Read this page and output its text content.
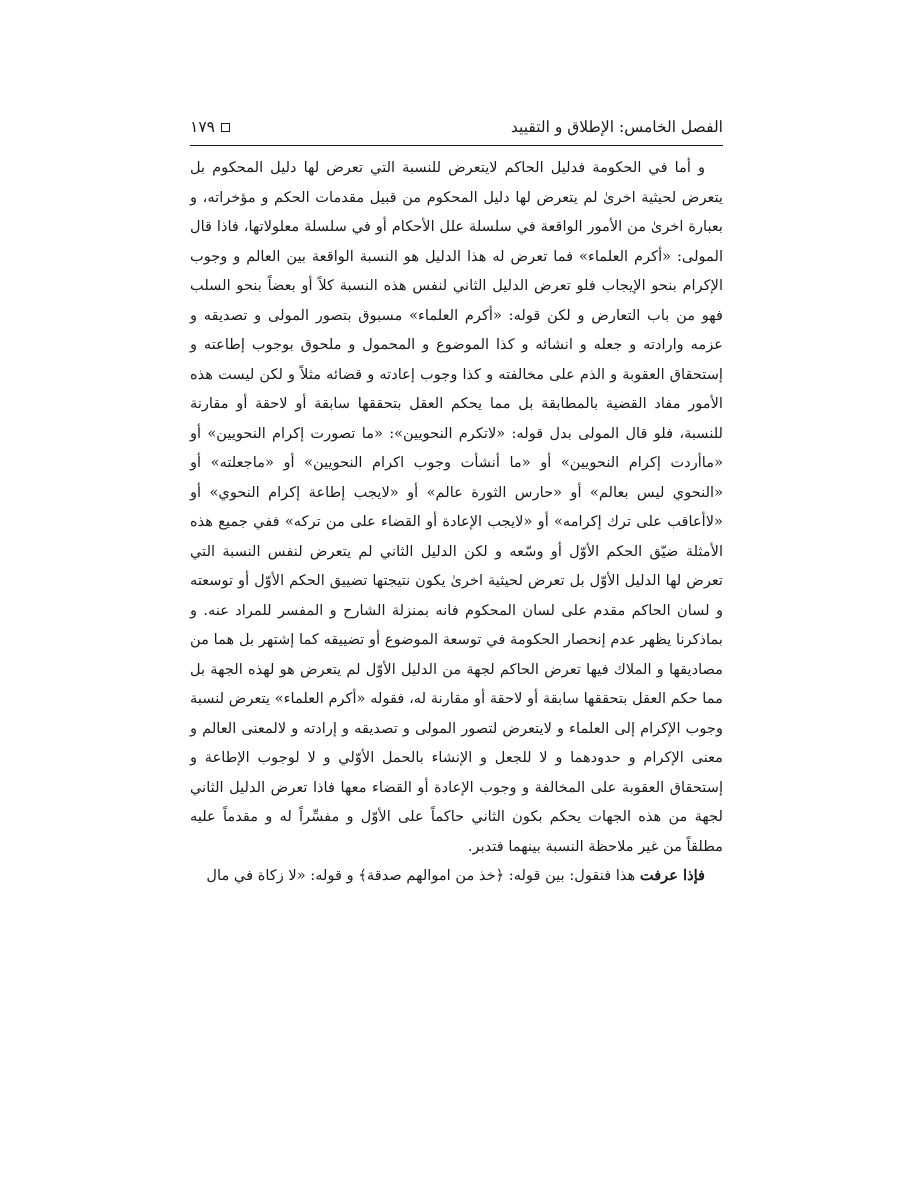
الفصل الخامس: الإطلاق و التقييد
١٧٩

و أما في الحكومة فدليل الحاكم لايتعرض للنسبة التي تعرض لها دليل المحكوم بل يتعرض لحيثية اخرىٰ لم يتعرض لها دليل المحكوم من قبيل مقدمات الحكم و مؤخراته، و بعبارة اخرىٰ من الأمور الواقعة في سلسلة علل الأحكام أو في سلسلة معلولاتها، فاذا قال المولى: «أكرم العلماء» فما تعرض له هذا الدليل هو النسبة الواقعة بين العالم و وجوب الإكرام بنحو الإيجاب فلو تعرض الدليل الثاني لنفس هذه النسبة كلاً أو بعضاً بنحو السلب فهو من باب التعارض و لكن قوله: «أكرم العلماء» مسبوق بتصور المولى و تصديقه و عزمه وارادته و جعله و انشائه و كذا الموضوع و المحمول و ملحوق بوجوب إطاعته و إستحقاق العقوبة و الذم على مخالفته و كذا وجوب إعادته و قضائه مثلاً و لكن ليست هذه الأمور مفاد القضية بالمطابقة بل مما يحكم العقل بتحققها سابقة أو لاحقة أو مقارنة للنسبة، فلو قال المولى بدل قوله: «لاتكرم النحويين»: «ما تصورت إكرام النحويين» أو «ماأردت إكرام النحويين» أو «ما أنشأت وجوب اكرام النحويين» أو «ماجعلته» أو «النحوي ليس بعالم» أو «حارس الثورة عالم» أو «لايجب إطاعة إكرام النحوي» أو «لاأعاقب على ترك إكرامه» أو «لايجب الإعادة أو القضاء على من تركه» ففي جميع هذه الأمثلة ضيّق الحكم الأوّل أو وسّعه و لكن الدليل الثاني لم يتعرض لنفس النسبة التي تعرض لها الدليل الأوّل بل تعرض لحيثية اخرىٰ يكون نتيجتها تضييق الحكم الأوّل أو توسعته و لسان الحاكم مقدم على لسان المحكوم فانه بمنزلة الشارح و المفسر للمراد عنه. و بماذكرنا يظهر عدم إنحصار الحكومة في توسعة الموضوع أو تضييقه كما إشتهر بل هما من مصاديقها و الملاك فيها تعرض الحاكم لجهة من الدليل الأوّل لم يتعرض هو لهذه الجهة بل مما حكم العقل بتحققها سابقة أو لاحقة أو مقارنة له، فقوله «أكرم العلماء» يتعرض لنسبة وجوب الإكرام إلى العلماء و لايتعرض لتصور المولى و تصديقه و إرادته و لالمعنى العالم و معنى الإكرام و حدودهما و لا للجعل و الإنشاء بالحمل الأوّلي و لا لوجوب الإطاعة و إستحقاق العقوبة على المخالفة و وجوب الإعادة أو القضاء معها فاذا تعرض الدليل الثاني لجهة من هذه الجهات يحكم بكون الثاني حاكماً على الأوّل و مفسِّراً له و مقدماً عليه مطلقاً من غير ملاحظة النسبة بينهما فتدبر.

فإذا عرفت هذا فنقول: بين قوله: ﴿خذ من اموالهم صدقة﴾ و قوله: «لا زكاة في مال
